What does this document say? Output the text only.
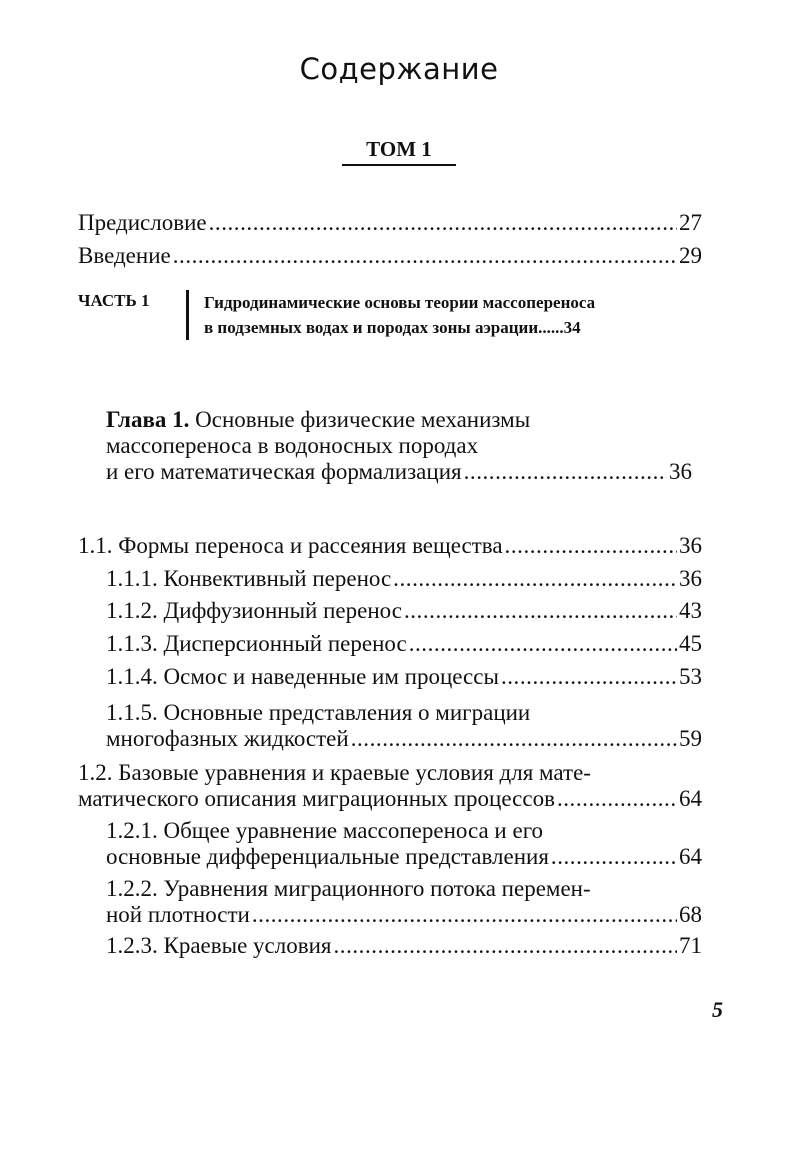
Содержание
ТОМ 1
Предисловие . . .	27
Введение . . .	29
ЧАСТЬ 1	Гидродинамические основы теории массопереноса
в подземных водах и породах зоны аэрации......34
Глава 1. Основные физические механизмы
массопереноса в водоносных породах
и его математическая формализация . . .	36
1.1. Формы переноса и рассеяния вещества . . .	36
1.1.1. Конвективный перенос . . .	36
1.1.2. Диффузионный перенос . . .	43
1.1.3. Дисперсионный перенос . . .	45
1.1.4. Осмос и наведенные им процессы . . .	53
1.1.5. Основные представления о миграции
многофазных жидкостей . . .	59
1.2. Базовые уравнения и краевые условия для мате-
матического описания миграционных процессов . . .	64
1.2.1. Общее уравнение массопереноса и его
основные дифференциальные представления . . .	64
1.2.2. Уравнения миграционного потока перемен-
ной плотности . . .	68
1.2.3. Краевые условия . . .	71
5
